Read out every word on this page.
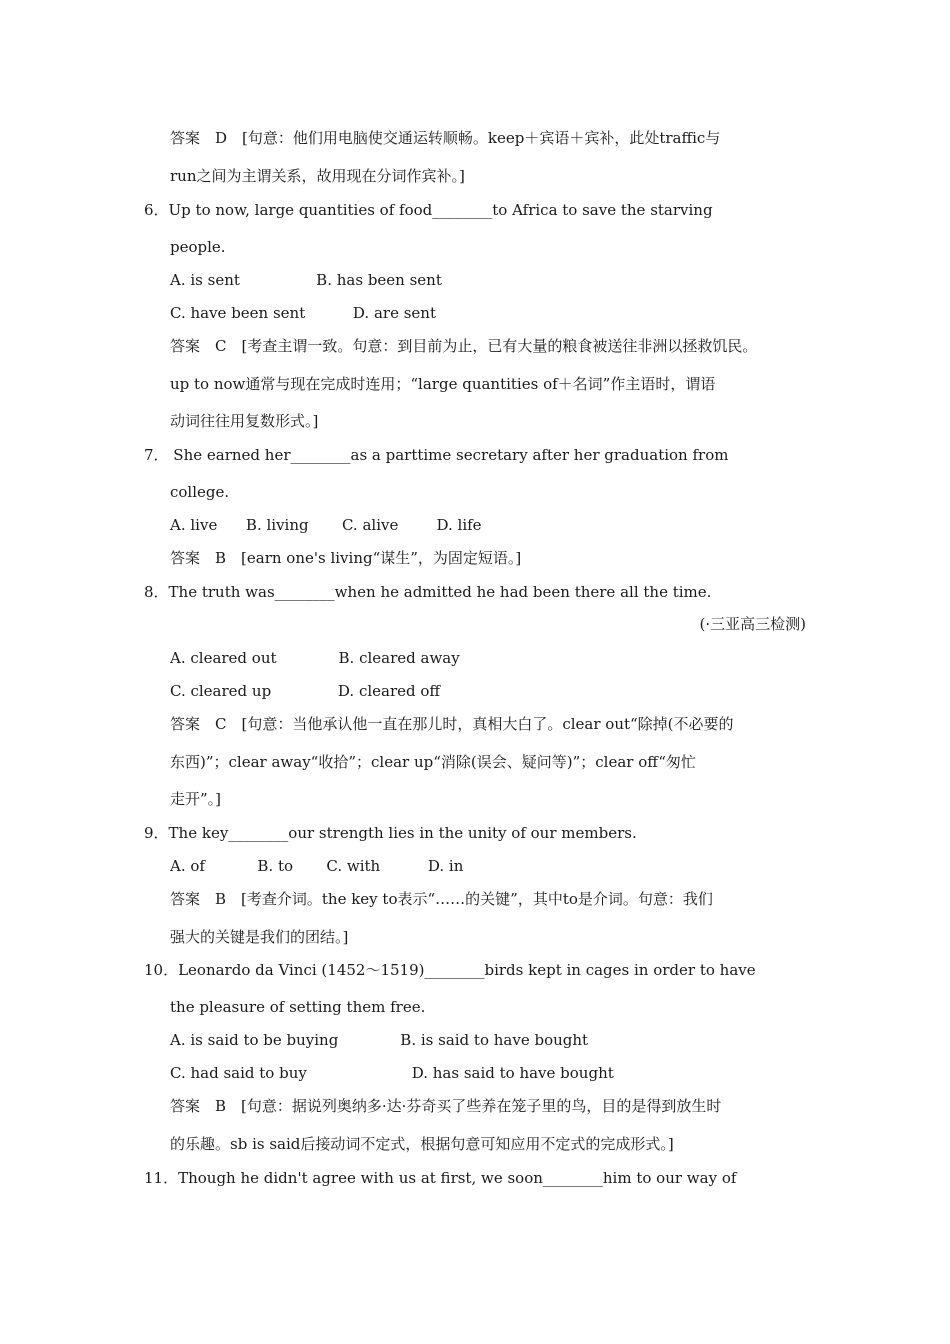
答案　D　[句意：他们用电脑使交通运转顺畅。keep＋宾语＋宾补，此处traffic与
run之间为主谓关系，故用现在分词作宾补。]
6．Up to now, large quantities of food________to Africa to save the starving
people.
A. is sent                B. has been sent
C. have been sent          D. are sent
答案　C　[考查主谓一致。句意：到目前为止，已有大量的粮食被送往非洲以拯救饥民。
up to now通常与现在完成时连用；“large quantities of＋名词”作主语时，谓语
动词往往用复数形式。]
7． She earned her________as a parttime secretary after her graduation from
college.
A. live      B. living       C. alive        D. life
答案　B　[earn one's living“谋生”，为固定短语。]
8．The truth was________when he admitted he had been there all the time.
A. cleared out             B. cleared away
C. cleared up              D. cleared off
答案　C　[句意：当他承认他一直在那儿时，真相大白了。clear out“除掉(不必要的
东西)”；clear away“收拾”；clear up“消除(误会、疑问等)”；clear off“匆忙
走开”。]
9．The key________our strength lies in the unity of our members.
A. of           B. to       C. with          D. in
答案　B　[考查介词。the key to表示“……的关键”，其中to是介词。句意：我们
强大的关键是我们的团结。]
10．Leonardo da Vinci (1452～1519)________birds kept in cages in order to have
the pleasure of setting them free.
A. is said to be buying             B. is said to have bought
C. had said to buy                      D. has said to have bought
答案　B　[句意：据说列奥纳多·达·芬奇买了些养在笼子里的鸟，目的是得到放生时
的乐趣。sb is said后接动词不定式，根据句意可知应用不定式的完成形式。]
11．Though he didn't agree with us at first, we soon________him to our way of
(·三亚高三检测)
